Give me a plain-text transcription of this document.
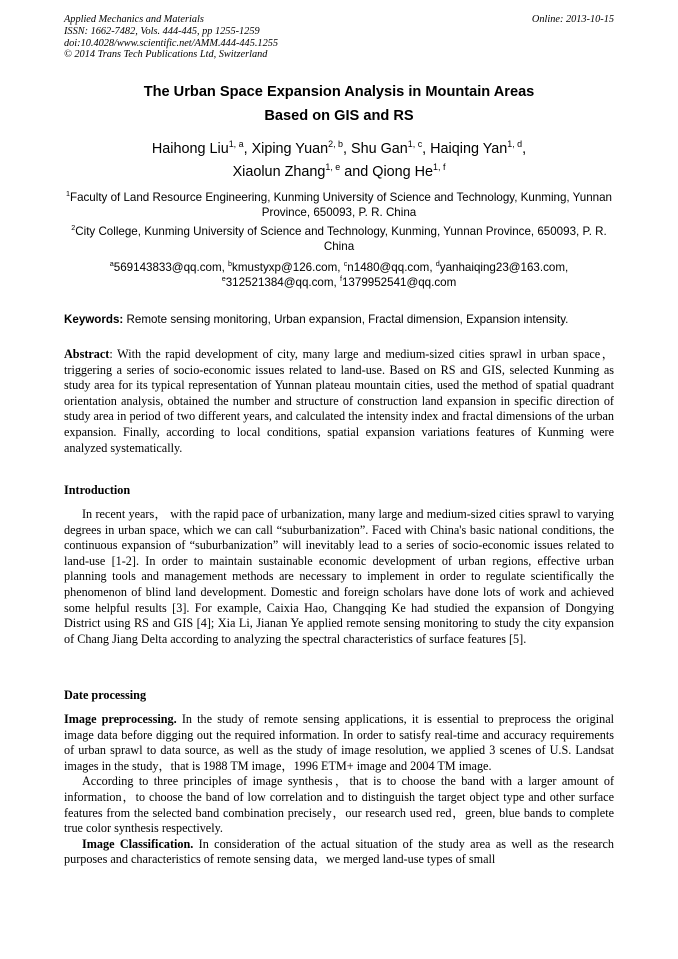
Applied Mechanics and Materials
ISSN: 1662-7482, Vols. 444-445, pp 1255-1259
doi:10.4028/www.scientific.net/AMM.444-445.1255
© 2014 Trans Tech Publications Ltd, Switzerland
Online: 2013-10-15
The Urban Space Expansion Analysis in Mountain Areas
Based on GIS and RS
Haihong Liu$^{1, a}$, Xiping Yuan$^{2, b}$, Shu Gan$^{1, c}$, Haiqing Yan$^{1, d}$,
Xiaolun Zhang$^{1, e}$ and Qiong He$^{1, f}$
$^1$Faculty of Land Resource Engineering, Kunming University of Science and Technology, Kunming, Yunnan Province, 650093, P. R. China
$^2$City College, Kunming University of Science and Technology, Kunming, Yunnan Province, 650093, P. R. China
$^a$569143833@qq.com, $^b$kmustyxp@126.com, $^c$n1480@qq.com, $^d$yanhaiqing23@163.com,
$^e$312521384@qq.com, $^f$1379952541@qq.com
Keywords: Remote sensing monitoring, Urban expansion, Fractal dimension, Expansion intensity.

Abstract: With the rapid development of city, many large and medium-sized cities sprawl in urban space，triggering a series of socio-economic issues related to land-use. Based on RS and GIS, selected Kunming as study area for its typical representation of Yunnan plateau mountain cities, used the method of spatial quadrant orientation analysis, obtained the number and structure of construction land expansion in specific direction of study area in period of two different years, and calculated the intensity index and fractal dimensions of the urban expansion. Finally, according to local conditions, spatial expansion variations features of Kunming were analyzed systematically.

Introduction

In recent years， with the rapid pace of urbanization, many large and medium-sized cities sprawl to varying degrees in urban space, which we can call “suburbanization”. Faced with China's basic national conditions, the continuous expansion of “suburbanization” will inevitably lead to a series of socio-economic issues related to land-use [1-2]. In order to maintain sustainable economic development of urban regions, effective urban planning tools and management methods are necessary to implement in order to regulate scientifically the phenomenon of blind land development. Domestic and foreign scholars have done lots of work and achieved some helpful results [3]. For example, Caixia Hao, Changqing Ke had studied the expansion of Dongying District using RS and GIS [4]; Xia Li, Jianan Ye applied remote sensing monitoring to study the city expansion of Chang Jiang Delta according to analyzing the spectral characteristics of surface features [5].

Date processing

Image preprocessing. In the study of remote sensing applications, it is essential to preprocess the original image data before digging out the required information. In order to satisfy real-time and accuracy requirements of urban sprawl to data source, as well as the study of image resolution, we applied 3 scenes of U.S. Landsat images in the study，that is 1988 TM image，1996 ETM+ image and 2004 TM image.

According to three principles of image synthesis，that is to choose the band with a larger amount of information，to choose the band of low correlation and to distinguish the target object type and other surface features from the selected band combination precisely，our research used red，green, blue bands to complete true color synthesis respectively.

Image Classification. In consideration of the actual situation of the study area as well as the research purposes and characteristics of remote sensing data，we merged land-use types of small
